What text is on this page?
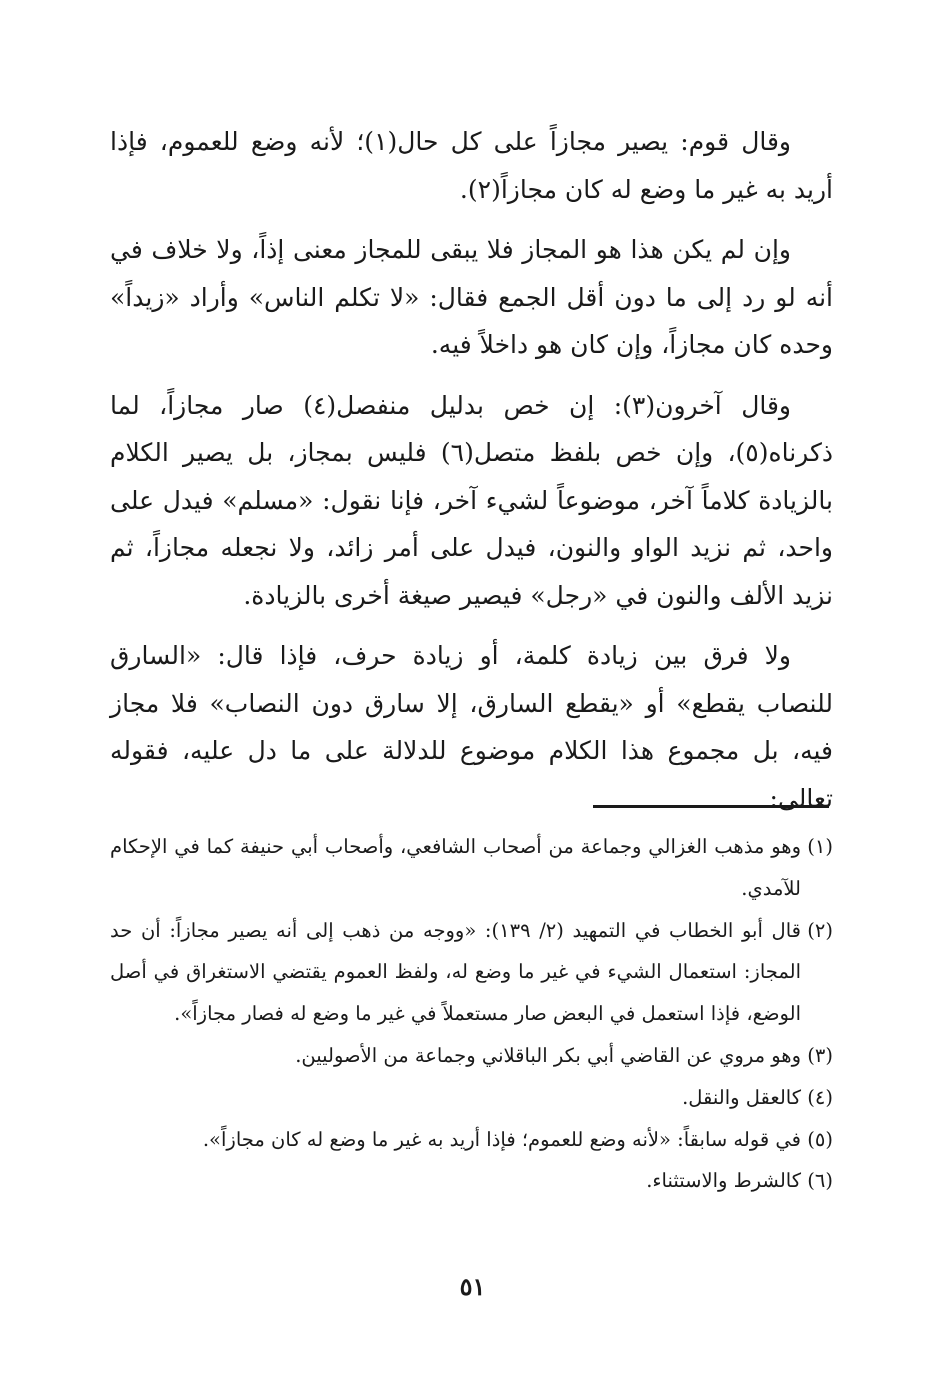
وقال قوم: يصير مجازاً على كل حال(١)؛ لأنه وضع للعموم، فإذا أريد به غير ما وضع له كان مجازاً(٢).

وإن لم يكن هذا هو المجاز فلا يبقى للمجاز معنى إذاً، ولا خلاف في أنه لو رد إلى ما دون أقل الجمع فقال: «لا تكلم الناس» وأراد «زيداً» وحده كان مجازاً، وإن كان هو داخلاً فيه.

وقال آخرون(٣): إن خص بدليل منفصل(٤) صار مجازاً، لما ذكرناه(٥)، وإن خص بلفظ متصل(٦) فليس بمجاز، بل يصير الكلام بالزيادة كلاماً آخر، موضوعاً لشيء آخر، فإنا نقول: «مسلم» فيدل على واحد، ثم نزيد الواو والنون، فيدل على أمر زائد، ولا نجعله مجازاً، ثم نزيد الألف والنون في «رجل» فيصير صيغة أخرى بالزيادة.

ولا فرق بين زيادة كلمة، أو زيادة حرف، فإذا قال: «السارق للنصاب يقطع» أو «يقطع السارق، إلا سارق دون النصاب» فلا مجاز فيه، بل مجموع هذا الكلام موضوع للدلالة على ما دل عليه، فقوله تعالى:

(١)وهو مذهب الغزالي وجماعة من أصحاب الشافعي، وأصحاب أبي حنيفة كما في الإحكام للآمدي.
(٢)قال أبو الخطاب في التمهيد (٢/ ١٣٩): «ووجه من ذهب إلى أنه يصير مجازاً: أن حد المجاز: استعمال الشيء في غير ما وضع له، ولفظ العموم يقتضي الاستغراق في أصل الوضع، فإذا استعمل في البعض صار مستعملاً في غير ما وضع له فصار مجازاً».
(٣)وهو مروي عن القاضي أبي بكر الباقلاني وجماعة من الأصوليين.
(٤)كالعقل والنقل.
(٥)في قوله سابقاً: «لأنه وضع للعموم؛ فإذا أريد به غير ما وضع له كان مجازاً».
(٦)كالشرط والاستثناء.
٥١
